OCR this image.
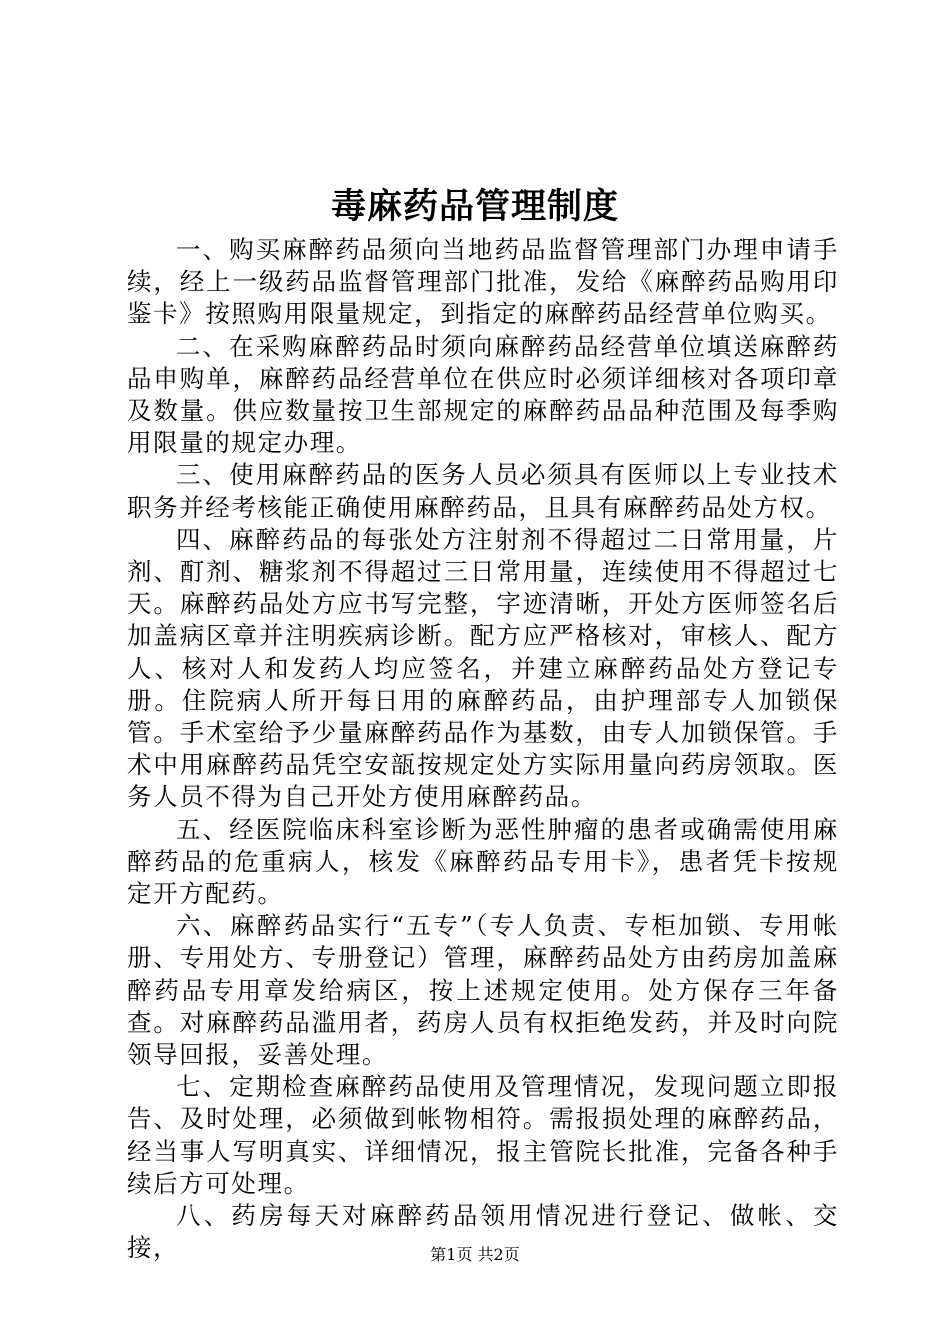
毒麻药品管理制度

一、购买麻醉药品须向当地药品监督管理部门办理申请手续，经上一级药品监督管理部门批准，发给《麻醉药品购用印鉴卡》按照购用限量规定，到指定的麻醉药品经营单位购买。

二、在采购麻醉药品时须向麻醉药品经营单位填送麻醉药品申购单，麻醉药品经营单位在供应时必须详细核对各项印章及数量。供应数量按卫生部规定的麻醉药品品种范围及每季购用限量的规定办理。

三、使用麻醉药品的医务人员必须具有医师以上专业技术职务并经考核能正确使用麻醉药品，且具有麻醉药品处方权。

四、麻醉药品的每张处方注射剂不得超过二日常用量，片剂、酊剂、糖浆剂不得超过三日常用量，连续使用不得超过七天。麻醉药品处方应书写完整，字迹清晰，开处方医师签名后加盖病区章并注明疾病诊断。配方应严格核对，审核人、配方人、核对人和发药人均应签名，并建立麻醉药品处方登记专册。住院病人所开每日用的麻醉药品，由护理部专人加锁保管。手术室给予少量麻醉药品作为基数，由专人加锁保管。手术中用麻醉药品凭空安瓿按规定处方实际用量向药房领取。医务人员不得为自己开处方使用麻醉药品。

五、经医院临床科室诊断为恶性肿瘤的患者或确需使用麻醉药品的危重病人，核发《麻醉药品专用卡》，患者凭卡按规定开方配药。

六、麻醉药品实行“五专”（专人负责、专柜加锁、专用帐册、专用处方、专册登记）管理，麻醉药品处方由药房加盖麻醉药品专用章发给病区，按上述规定使用。处方保存三年备查。对麻醉药品滥用者，药房人员有权拒绝发药，并及时向院领导回报，妥善处理。

七、定期检查麻醉药品使用及管理情况，发现问题立即报告、及时处理，必须做到帐物相符。需报损处理的麻醉药品，经当事人写明真实、详细情况，报主管院长批准，完备各种手续后方可处理。

八、药房每天对麻醉药品领用情况进行登记、做帐、交接，	第1页 共2页
